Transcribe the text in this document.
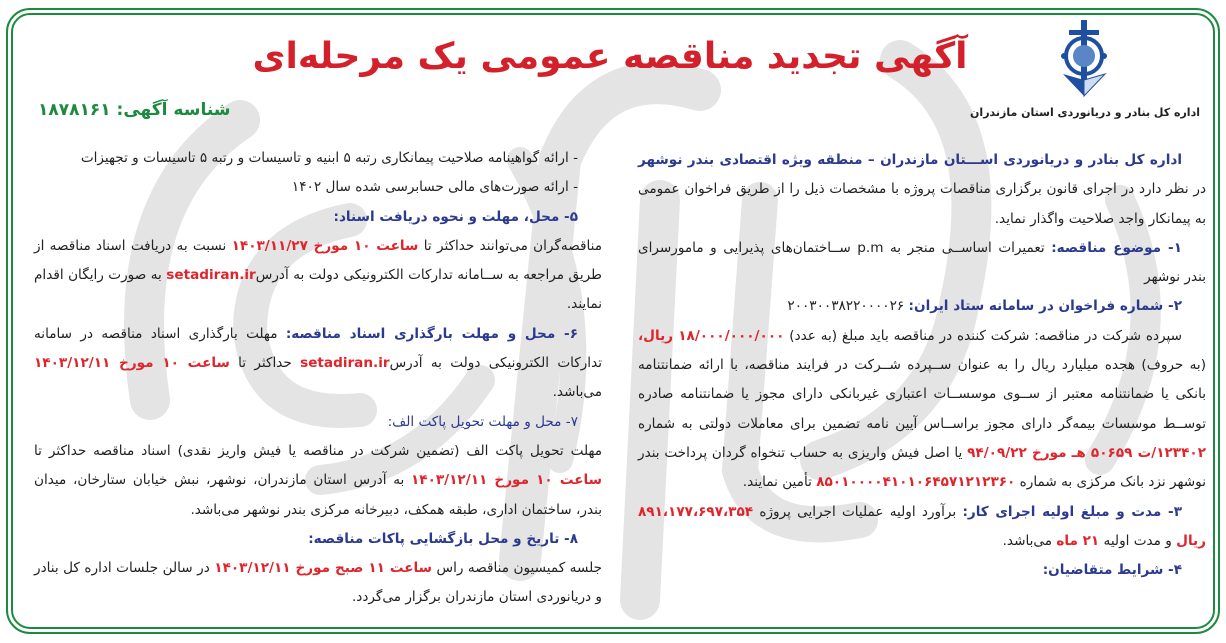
آگهی تجدید مناقصه عمومی یک مرحله‌ای
اداره کل بنادر و دریانوردی استان مازندران
شناسه آگهی: ۱۸۷۸۱۶۱

اداره کل بنادر و دریانوردی اســـتان مازندران – منطقه ویژه اقتصادی بندر نوشهر در نظر دارد در اجرای قانون برگزاری مناقصات پروژه با مشخصات ذیل را از طریق فراخوان عمومی به پیمانکار واجد صلاحیت واگذار نماید.

۱- موضوع مناقصه: تعمیرات اساســی منجر به p.m ســاختمان‌های پذیرایی و مامورسرای بندر نوشهر

۲- شماره فراخوان در سامانه ستاد ایران: ۲۰۰۳۰۰۳۸۲۲۰۰۰۰۲۶

سپرده شرکت در مناقصه: شرکت کننده در مناقصه باید مبلغ (به عدد) ۱۸/۰۰۰/۰۰۰/۰۰۰ ریال، (به حروف) هجده میلیارد ریال را به عنوان ســپرده شــرکت در فرایند مناقصه، با ارائه ضمانتنامه بانکی یا ضمانتنامه معتبر از ســوی موسســات اعتباری غیربانکی دارای مجوز یا ضمانتنامه صادره توســط موسسات بیمه‌گر دارای مجوز براســاس آیین نامه تضمین برای معاملات دولتی به شماره ۱۲۳۴۰۲/ت ۵۰۶۵۹ هـ مورخ ۹۴/۰۹/۲۲ یا اصل فیش واریزی به حساب تنخواه گردان پرداخت بندر نوشهر نزد بانک مرکزی به شماره ۸۵۰۱۰۰۰۰۴۱۰۱۰۶۴۵۷۱۲۱۲۳۶۰ تأمین نمایند.

۳- مدت و مبلغ اولیه اجرای کار: برآورد اولیه عملیات اجرایی پروژه ۸۹۱،۱۷۷،۶۹۷،۳۵۴ ریال و مدت اولیه ۲۱ ماه می‌باشد.

۴- شرایط متقاضیان:

- ارائه گواهینامه صلاحیت پیمانکاری رتبه ۵ ابنیه و تاسیسات و رتبه ۵ تاسیسات و تجهیزات

- ارائه صورت‌های مالی حسابرسی شده سال ۱۴۰۲

۵- محل، مهلت و نحوه دریافت اسناد:

مناقصه‌گران می‌توانند حداکثر تا ساعت ۱۰ مورخ ۱۴۰۳/۱۱/۲۷ نسبت به دریافت اسناد مناقصه از طریق مراجعه به ســامانه تدارکات الکترونیکی دولت به آدرسsetadiran.ir به صورت رایگان اقدام نمایند.

۶- محل و مهلت بارگذاری اسناد مناقصه: مهلت بارگذاری اسناد مناقصه در سامانه تدارکات الکترونیکی دولت به آدرسsetadiran.ir حداکثر تا ساعت ۱۰ مورخ ۱۴۰۳/۱۲/۱۱ می‌باشد.

۷- محل و مهلت تحویل پاکت الف:

مهلت تحویل پاکت الف (تضمین شرکت در مناقصه یا فیش واریز نقدی) اسناد مناقصه حداکثر تا ساعت ۱۰ مورخ ۱۴۰۳/۱۲/۱۱ به آدرس استان مازندران، نوشهر، نبش خیابان ستارخان، میدان بندر، ساختمان اداری، طبقه همکف، دبیرخانه مرکزی بندر نوشهر می‌باشد.

۸- تاریخ و محل بازگشایی پاکات مناقصه:

جلسه کمیسیون مناقصه راس ساعت ۱۱ صبح مورخ ۱۴۰۳/۱۲/۱۱ در سالن جلسات اداره کل بنادر و دریانوردی استان مازندران برگزار می‌گردد.
